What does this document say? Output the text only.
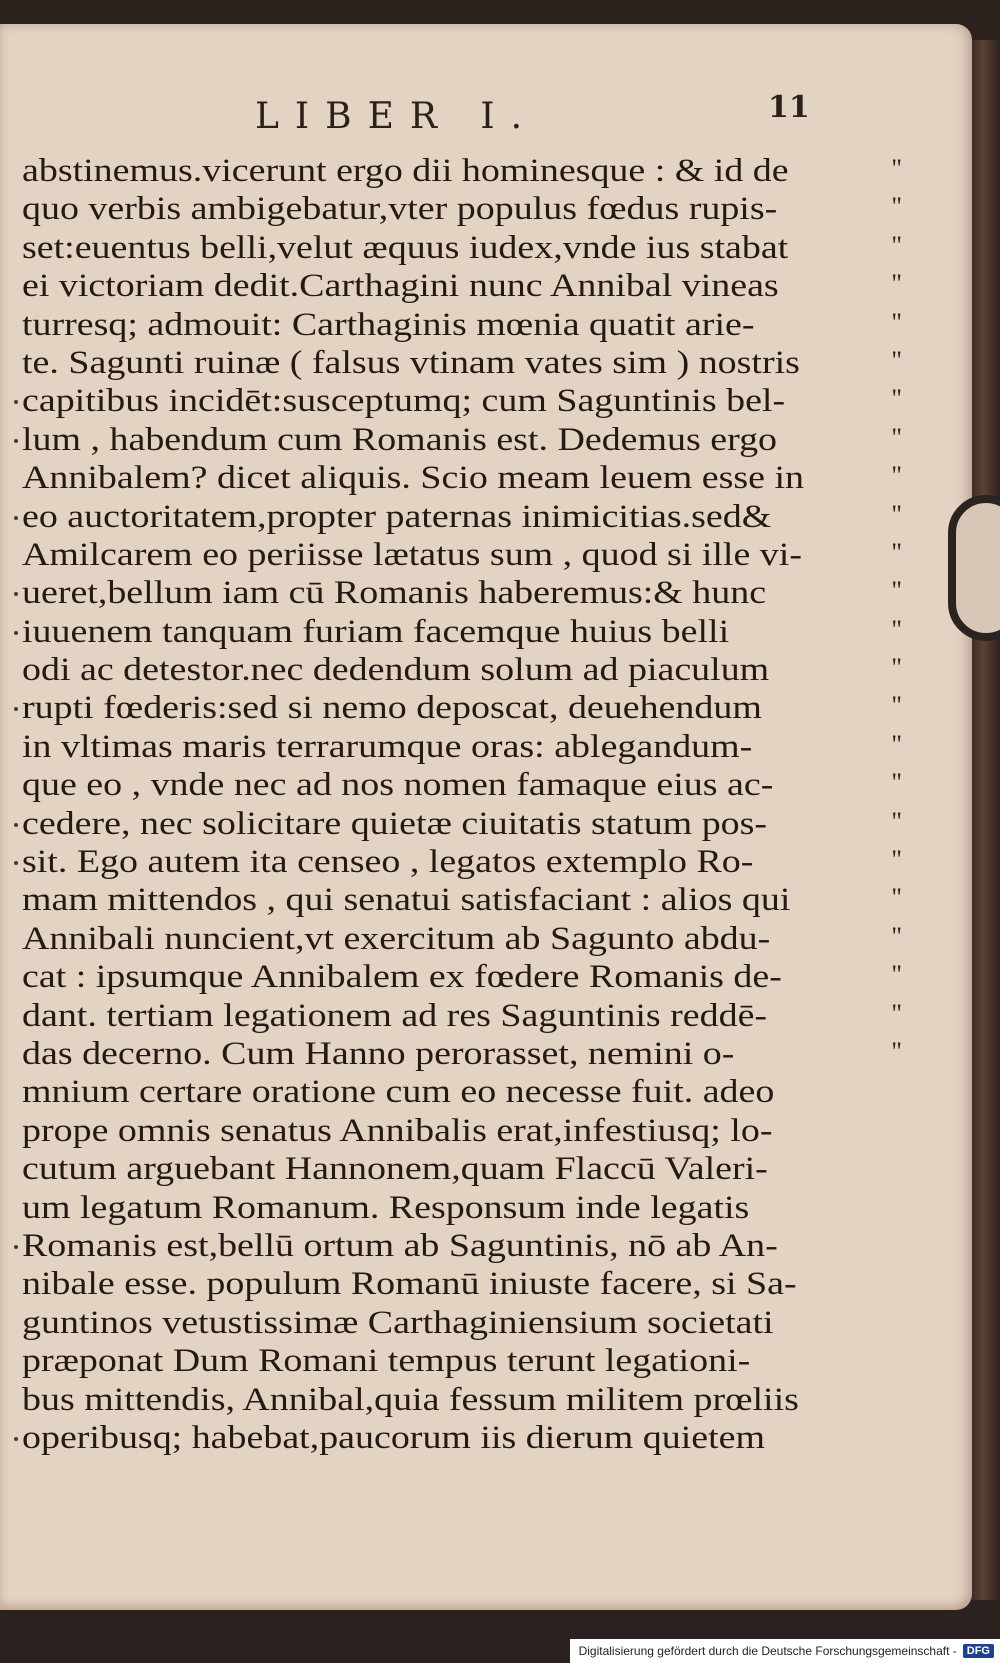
LIBER I.	11
abstinemus.vicerunt ergo dii hominesque : & id de	"
quo verbis ambigebatur,vter populus fœdus rupis-	"
set:euentus belli,velut æquus iudex,vnde ius stabat	"
ei victoriam dedit.Carthagini nunc Annibal vineas	"
turresq; admouit: Carthaginis mœnia quatit arie-	"
te. Sagunti ruinæ ( falsus vtinam vates sim ) nostris	"
capitibus incidēt:susceptumq; cum Saguntinis bel-	"
lum , habendum cum Romanis est. Dedemus ergo	"
Annibalem? dicet aliquis. Scio meam leuem esse in	"
eo auctoritatem,propter paternas inimicitias.sed&	"
Amilcarem eo periisse lætatus sum , quod si ille vi-	"
ueret,bellum iam cū Romanis haberemus:& hunc	"
iuuenem tanquam furiam facemque huius belli	"
odi ac detestor.nec dedendum solum ad piaculum	"
rupti fœderis:sed si nemo deposcat, deuehendum	"
in vltimas maris terrarumque oras: ablegandum-	"
que eo , vnde nec ad nos nomen famaque eius ac-	"
cedere, nec solicitare quietæ ciuitatis statum pos-	"
sit. Ego autem ita censeo , legatos extemplo Ro-	"
mam mittendos , qui senatui satisfaciant : alios qui	"
Annibali nuncient,vt exercitum ab Sagunto abdu-	"
cat : ipsumque Annibalem ex fœdere Romanis de-	"
dant. tertiam legationem ad res Saguntinis reddē-	"
das decerno. Cum Hanno perorasset, nemini o-	"
mnium certare oratione cum eo necesse fuit. adeo
prope omnis senatus Annibalis erat,infestiusq; lo-
cutum arguebant Hannonem,quam Flaccū Valeri-
um legatum Romanum. Responsum inde legatis
Romanis est,bellū ortum ab Saguntinis, nō ab An-
nibale esse. populum Romanū iniuste facere, si Sa-
guntinos vetustissimæ Carthaginiensium societati
præponat Dum Romani tempus terunt legationi-
bus mittendis, Annibal,quia fessum militem prœliis
operibusq; habebat,paucorum iis dierum quietem
Digitalisierung gefördert durch die Deutsche Forschungsgemeinschaft - DFG
